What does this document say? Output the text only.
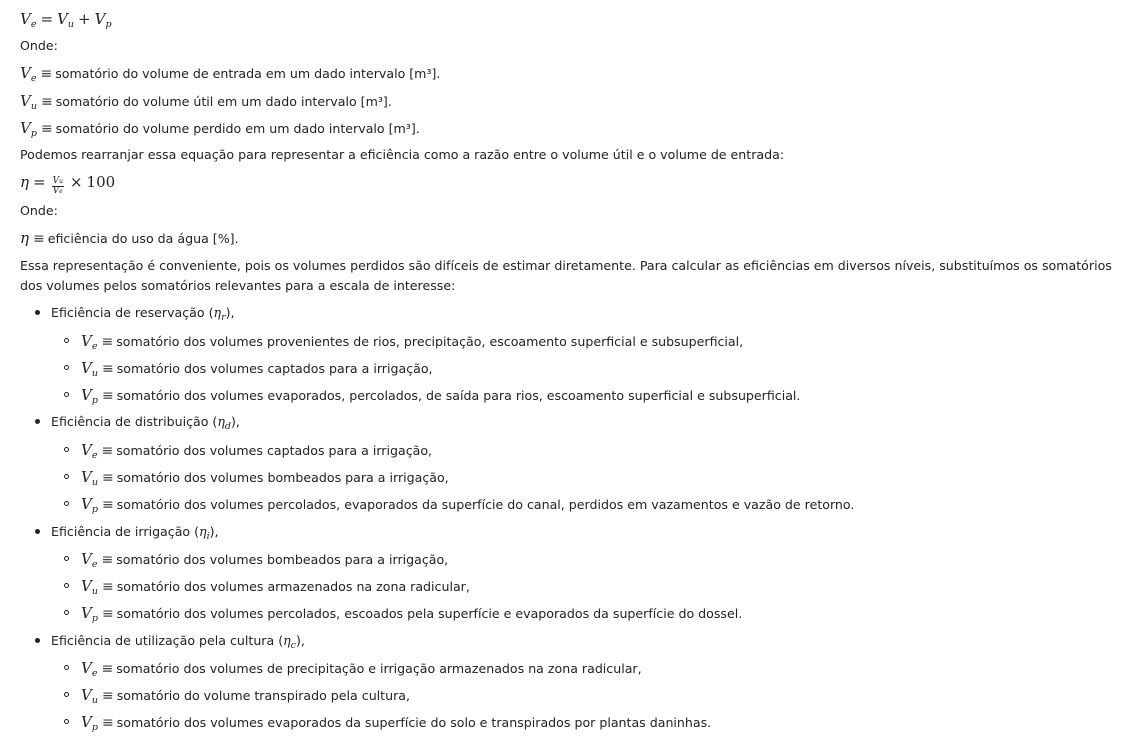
$V_e = V_u + V_p$
Onde:
$V_e$ ≡ somatório do volume de entrada em um dado intervalo [m³].
$V_u$ ≡ somatório do volume útil em um dado intervalo [m³].
$V_p$ ≡ somatório do volume perdido em um dado intervalo [m³].
Podemos rearranjar essa equação para representar a eficiência como a razão entre o volume útil e o volume de entrada:
$\eta = \frac{Vu}{Ve} \times 100$
Onde:
η ≡ eficiência do uso da água [%].
Essa representação é conveniente, pois os volumes perdidos são difíceis de estimar diretamente. Para calcular as eficiências em diversos níveis, substituímos os somatórios dos volumes pelos somatórios relevantes para a escala de interesse:
Eficiência de reservação $(\eta_r)$,
$V_e$ ≡ somatório dos volumes provenientes de rios, precipitação, escoamento superficial e subsuperficial,
$V_u$ ≡ somatório dos volumes captados para a irrigação,
$V_p$ ≡ somatório dos volumes evaporados, percolados, de saída para rios, escoamento superficial e subsuperficial.
Eficiência de distribuição $(\eta_d)$,
$V_e$ ≡ somatório dos volumes captados para a irrigação,
$V_u$ ≡ somatório dos volumes bombeados para a irrigação,
$V_p$ ≡ somatório dos volumes percolados, evaporados da superfície do canal, perdidos em vazamentos e vazão de retorno.
Eficiência de irrigação $(\eta_i)$,
$V_e$ ≡ somatório dos volumes bombeados para a irrigação,
$V_u$ ≡ somatório dos volumes armazenados na zona radicular,
$V_p$ ≡ somatório dos volumes percolados, escoados pela superfície e evaporados da superfície do dossel.
Eficiência de utilização pela cultura $(\eta_c)$,
$V_e$ ≡ somatório dos volumes de precipitação e irrigação armazenados na zona radicular,
$V_u$ ≡ somatório do volume transpirado pela cultura,
$V_p$ ≡ somatório dos volumes evaporados da superfície do solo e transpirados por plantas daninhas.
